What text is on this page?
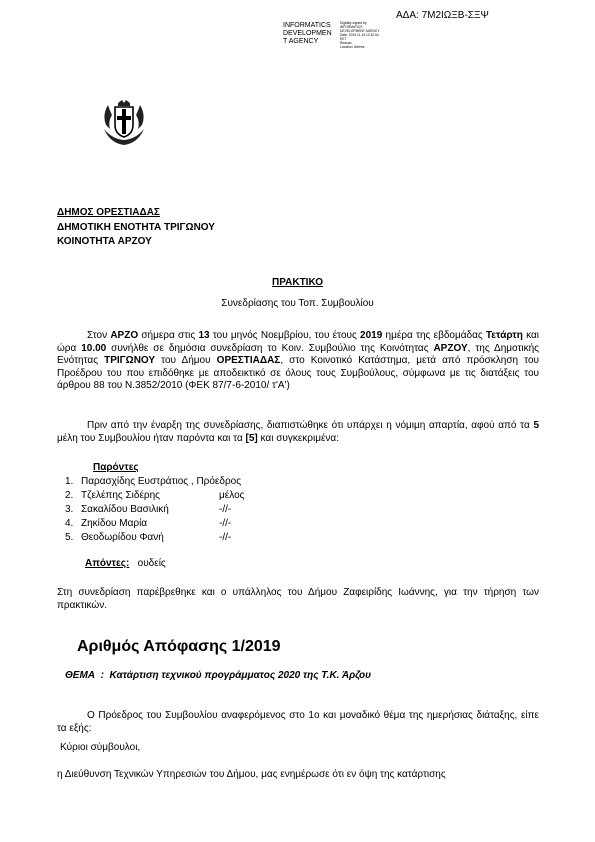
ΑΔΑ: 7Μ2ΙΩΞΒ-ΣΞΨ
INFORMATICS
DEVELOPMEN
T AGENCY
Digitally signed by
INFORMATICS
DEVELOPMENT AGENCY
Date: 2019.11.19 12:32:54
EET
Reason:
Location: Athens
ΔΗΜΟΣ ΟΡΕΣΤΙΑΔΑΣ
ΔΗΜΟΤΙΚΗ ΕΝΟΤΗΤΑ ΤΡΙΓΩΝΟΥ
ΚΟΙΝΟΤΗΤΑ ΑΡΖΟΥ
ΠΡΑΚΤΙΚΟ
Συνεδρίασης του Τοπ. Συμβουλίου
Στον ΑΡΖΟ σήμερα στις 13 του μηνός Νοεμβρίου, του έτους 2019 ημέρα της εβδομάδας Τετάρτη και ώρα 10.00 συνήλθε σε δημόσια συνεδρίαση το Κοιν. Συμβούλιο της Κοινότητας ΑΡΖΟΥ, της Δημοτικής Ενότητας ΤΡΙΓΩΝΟΥ του Δήμου ΟΡΕΣΤΙΑΔΑΣ, στο Κοινοτικό Κατάστημα, μετά από πρόσκληση του Προέδρου του που επιδόθηκε με αποδεικτικό σε όλους τους Συμβούλους, σύμφωνα με τις διατάξεις του άρθρου 88 του Ν.3852/2010 (ΦΕΚ 87/7-6-2010/ τ'Α')
Πριν από την έναρξη της συνεδρίασης, διαπιστώθηκε ότι υπάρχει η νόμιμη απαρτία, αφού από τα 5 μέλη του Συμβουλίου ήταν παρόντα και τα [5] και συγκεκριμένα:
Παρόντες
1. Παρασχίδης Ευστράτιος , Πρόεδρος
2. Τζελέπης Σιδέρης	μέλος
3. Σακαλίδου Βασιλική	-//-
4. Ζηκίδου Μαρία	-//-
5. Θεοδωρίδου Φανή	-//-
Απόντες: ουδείς
Στη συνεδρίαση παρέβρεθηκε και ο υπάλληλος του Δήμου Ζαφειρίδης Ιωάννης, για την τήρηση των πρακτικών.
Αριθμός Απόφασης 1/2019
ΘΕΜΑ : Κατάρτιση τεχνικού προγράμματος 2020 της Τ.Κ. Άρζου
Ο Πρόεδρος του Συμβουλίου αναφερόμενος στο 1ο και μοναδικό θέμα της ημερήσιας διάταξης, είπε τα εξής:
Κύριοι σύμβουλοι,
η Διεύθυνση Τεχνικών Υπηρεσιών του Δήμου, μας ενημέρωσε ότι εν όψη της κατάρτισης
